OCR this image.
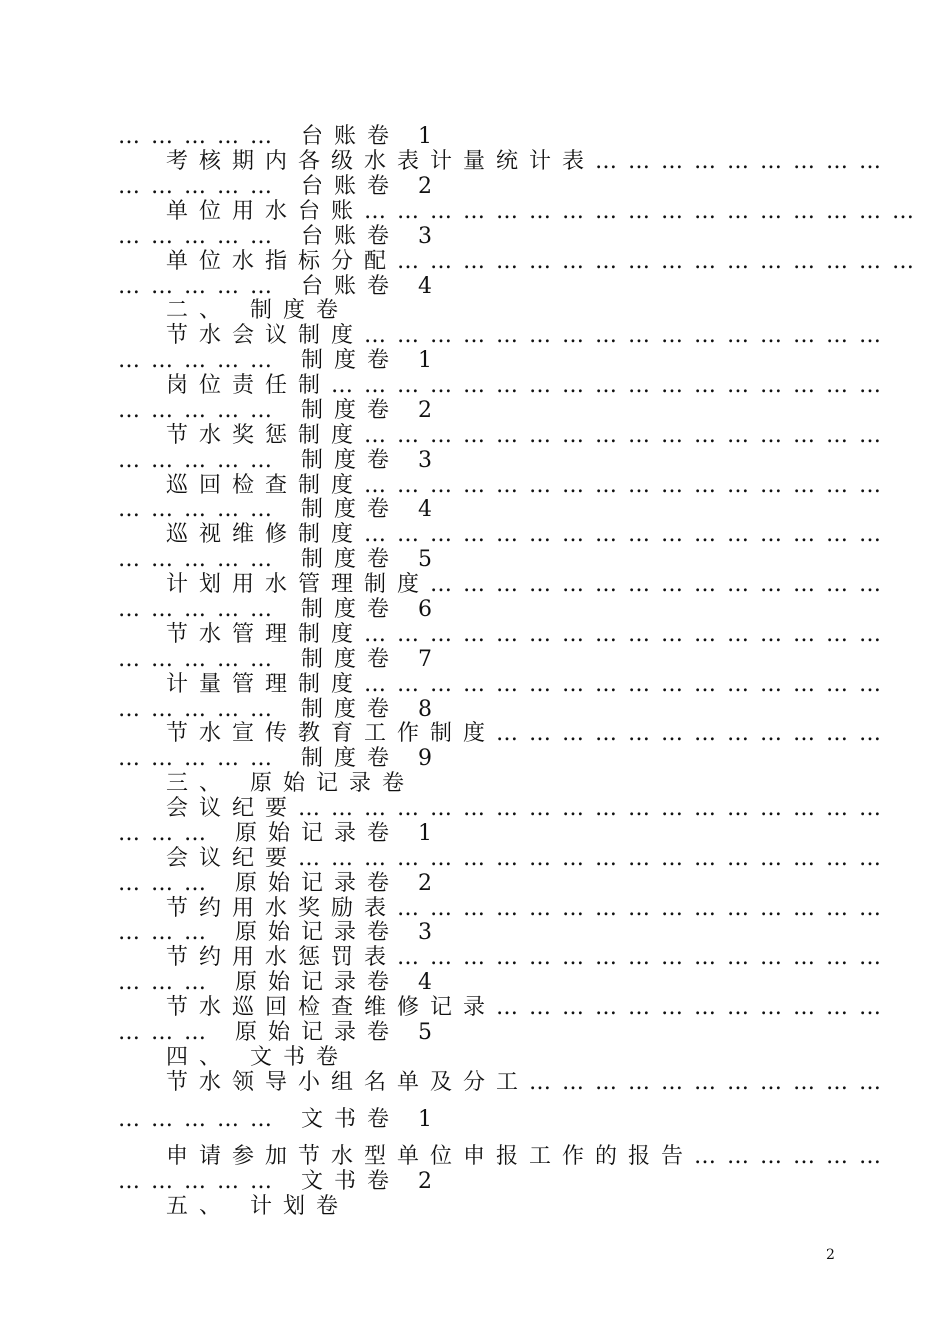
…………… 台账卷 1
考核期内各级水表计量统计表………………………
…………… 台账卷 2
单位用水台账……………………………………………
…………… 台账卷 3
单位水指标分配…………………………………………
…………… 台账卷 4
二、 制度卷
节水会议制度…………………………………………
…………… 制度卷 1
岗位责任制……………………………………………
…………… 制度卷 2
节水奖惩制度…………………………………………
…………… 制度卷 3
巡回检查制度…………………………………………
…………… 制度卷 4
巡视维修制度…………………………………………
…………… 制度卷 5
计划用水管理制度……………………………………
…………… 制度卷 6
节水管理制度…………………………………………
…………… 制度卷 7
计量管理制度…………………………………………
…………… 制度卷 8
节水宣传教育工作制度………………………………
…………… 制度卷 9
三、 原始记录卷
会议纪要………………………………………………
……… 原始记录卷 1
会议纪要………………………………………………
……… 原始记录卷 2
节约用水奖励表………………………………………
……… 原始记录卷 3
节约用水惩罚表………………………………………
……… 原始记录卷 4
节水巡回检查维修记录………………………………
……… 原始记录卷 5
四、 文书卷
节水领导小组名单及分工……………………………
…………… 文书卷 1
申请参加节水型单位申报工作的报告………………
…………… 文书卷 2
五、 计划卷
2
